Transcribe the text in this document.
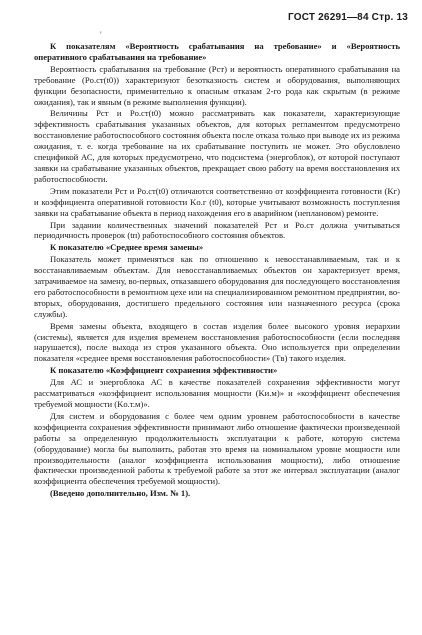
ГОСТ 26291—84 Стр. 13
'

К показателям «Вероятность срабатывания на требование» и «Вероятность оперативного срабатывания на требование»

Вероятность срабатывания на требование (Pст) и вероятность оперативного срабатывания на требование (Pо.ст(t0)) характеризуют безотказность систем и оборудования, выполняющих функции безопасности, применительно к опасным отказам 2-го рода как скрытым (в режиме ожидания), так и явным (в режиме выполнения функции).

Величины Pст и Pо.ст(t0) можно рассматривать как показатели, характеризующие эффективность срабатывания указанных объектов, для которых регламентом предусмотрено восстановление работоспособного состояния объекта после отказа только при выводе их из режима ожидания, т. е. когда требование на их срабатывание поступить не может. Это обусловлено спецификой АС, для которых предусмотрено, что подсистема (энергоблок), от которой поступают заявки на срабатывание указанных объектов, прекращает свою работу на время восстановления их работоспособности.

Этим показатели Pст и Pо.ст(t0) отличаются соответственно от коэффициента готовности (Kг) и коэффициента оперативной готовности Kо.г (t0), которые учитывают возможность поступления заявки на срабатывание объекта в период нахождения его в аварийном (неплановом) ремонте.

При задании количественных значений показателей Pст и Pо.ст должна учитываться периодичность проверок (tп) работоспособного состояния объектов.

К показателю «Среднее время замены»

Показатель может применяться как по отношению к невосстанавливаемым, так и к восстанавливаемым объектам. Для невосстанавливаемых объектов он характеризует время, затрачиваемое на замену, во-первых, отказавшего оборудования для последующего восстановления его работоспособности в ремонтном цехе или на специализированном ремонтном предприятии, во-вторых, оборудования, достигшего предельного состояния или назначенного ресурса (срока службы).

Время замены объекта, входящего в состав изделия более высокого уровня иерархии (системы), является для изделия временем восстановления работоспособности (если последняя нарушается), после выхода из строя указанного объекта. Оно используется при определении показателя «среднее время восстановления работоспособности» (Tв) такого изделия.

К показателю «Коэффициент сохранения эффективности»

Для АС и энергоблока АС в качестве показателей сохранения эффективности могут рассматриваться «коэффициент использования мощности (Kи.м)» и «коэффициент обеспечения требуемой мощности (Kо.т.м)».

Для систем и оборудования с более чем одним уровнем работоспособности в качестве коэффициента сохранения эффективности принимают либо отношение фактически произведенной работы за определенную продолжительность эксплуатации к работе, которую система (оборудование) могла бы выполнить, работая это время на номинальном уровне мощности или производительности (аналог коэффициента использования мощности), либо отношение фактически произведенной работы к требуемой работе за этот же интервал эксплуатации (аналог коэффициента обеспечения требуемой мощности).

(Введено дополнительно, Изм. № 1).
